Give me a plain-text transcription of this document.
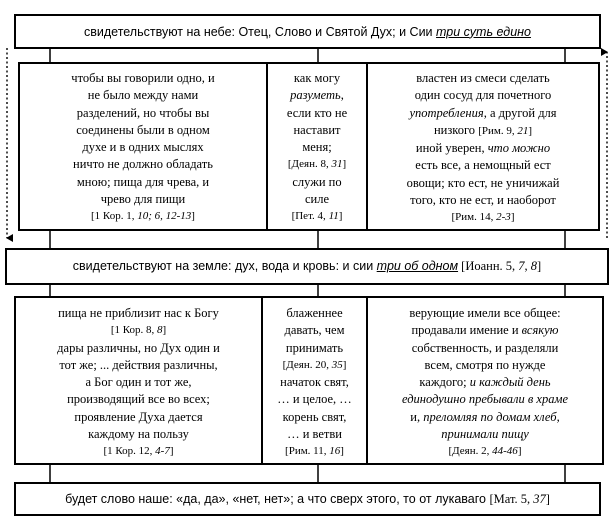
свидетельствуют на небе: Отец, Слово и Святой Дух; и Сии три суть едино
чтобы вы говорили одно, и
не было между нами
разделений, но чтобы вы
соединены были в одном
духе и в одних мыслях
ничто не должно обладать
мною; пища для чрева, и
чрево для пищи
[1 Кор. 1, 10; 6, 12-13]
как могу
разуметь,
если кто не
наставит
меня;
[Деян. 8, 31]
служи по
силе
[Пет. 4, 11]
властен из смеси сделать
один сосуд для почетного
употребления, а другой для
низкого [Рим. 9, 21]
иной уверен, что можно
есть все, а немощный ест
овощи; кто ест, не уничижай
того, кто не ест, и наоборот
[Рим. 14, 2-3]
свидетельствуют на земле: дух, вода и кровь: и сии три об одном [Иоанн. 5, 7, 8]
пища не приблизит нас к Богу
[1 Кор. 8, 8]
дары различны, но Дух один и
тот же; ... действия различны,
а Бог один и тот же,
производящий все во всех;
проявление Духа дается
каждому на пользу
[1 Кор. 12, 4-7]
блаженнее
давать, чем
принимать
[Деян. 20, 35]
начаток свят,
… и целое, …
корень свят,
… и ветви
[Рим. 11, 16]
верующие имели все общее:
продавали имение и всякую
собственность, и разделяли
всем, смотря по нужде
каждого; и каждый день
единодушно пребывали в храме
и, преломляя по домам хлеб,
принимали пищу
[Деян. 2, 44-46]
будет слово наше: «да, да», «нет, нет»; а что сверх этого, то от лукаваго [Мат. 5, 37]
